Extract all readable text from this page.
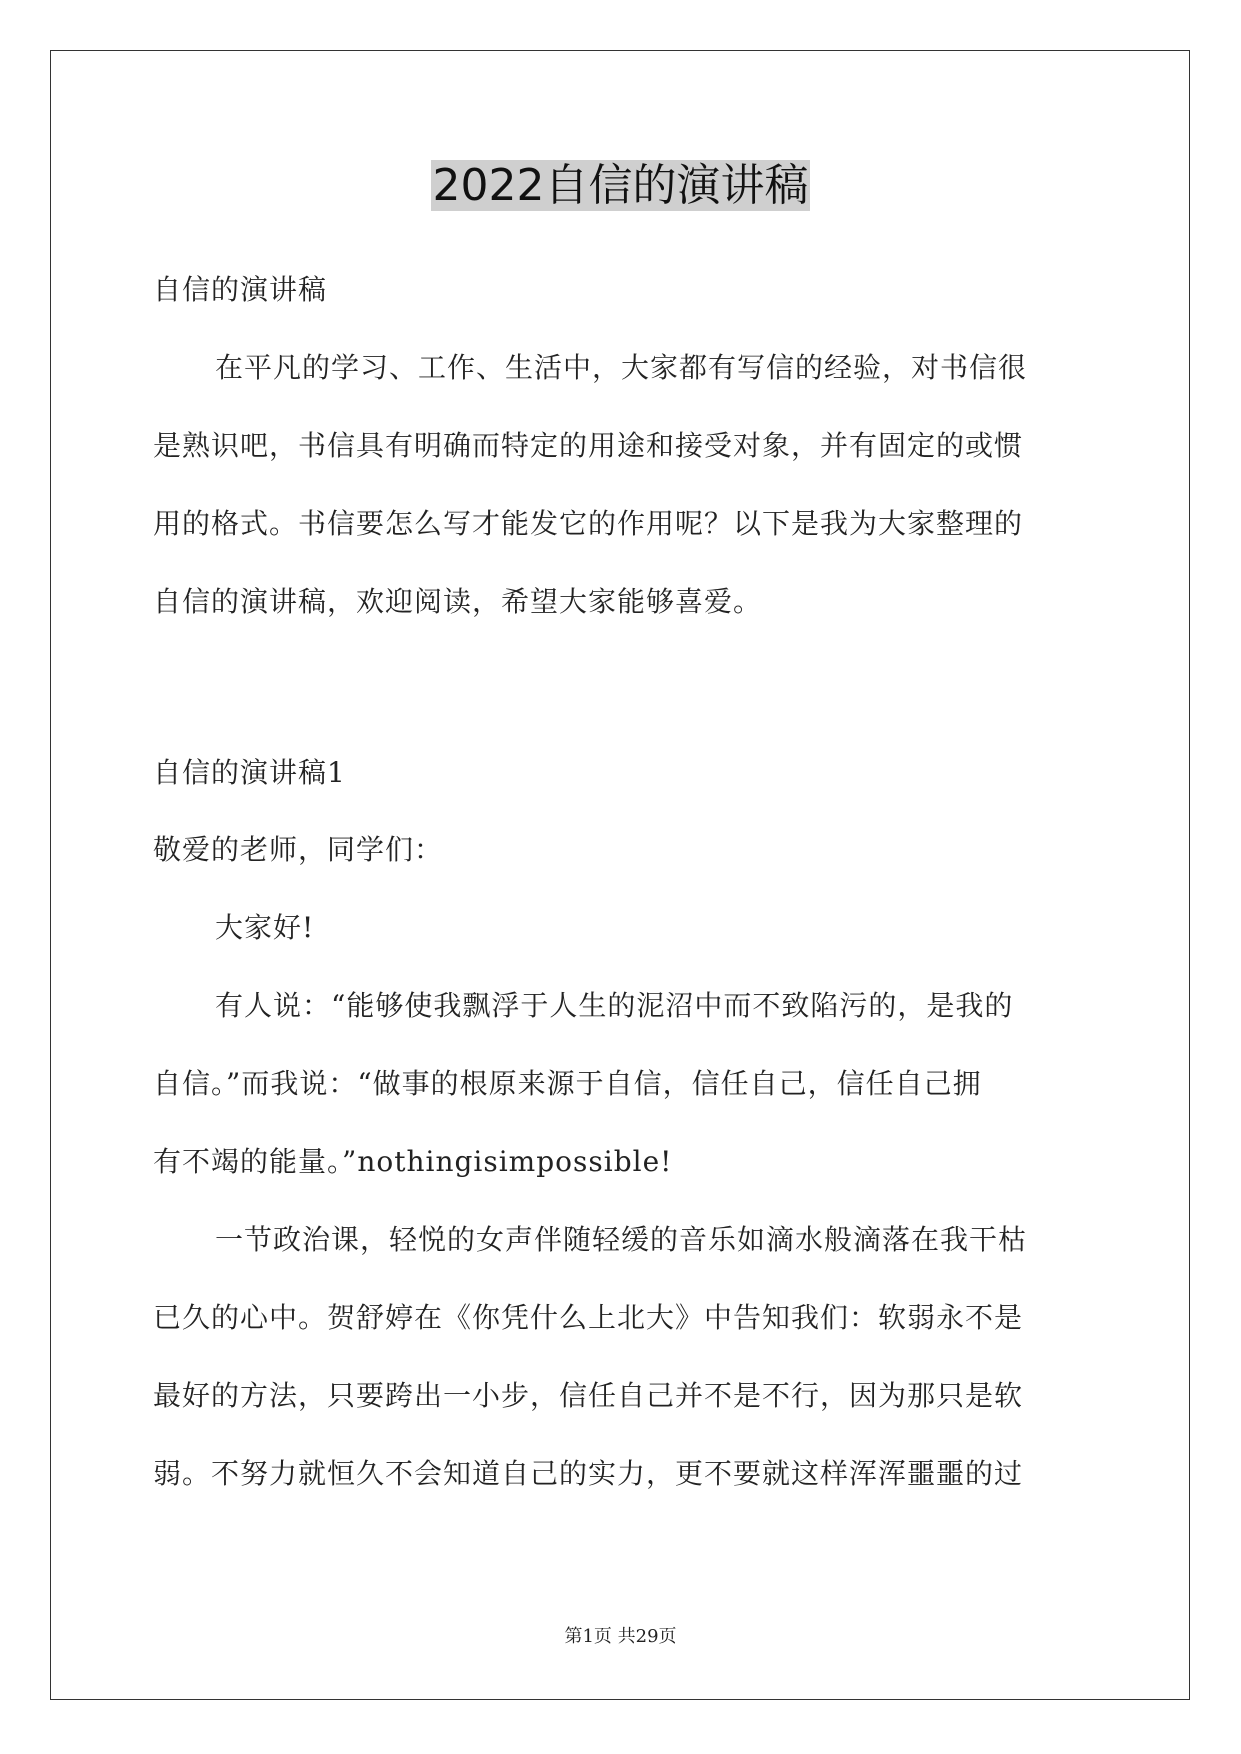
2022自信的演讲稿
自信的演讲稿
在平凡的学习、工作、生活中，大家都有写信的经验，对书信很
是熟识吧，书信具有明确而特定的用途和接受对象，并有固定的或惯
用的格式。书信要怎么写才能发它的作用呢？以下是我为大家整理的
自信的演讲稿，欢迎阅读，希望大家能够喜爱。
自信的演讲稿1
敬爱的老师，同学们：
大家好!
有人说：“能够使我飘浮于人生的泥沼中而不致陷污的，是我的
自信。”而我说：“做事的根原来源于自信，信任自己，信任自己拥
有不竭的能量。”nothingisimpossible!
一节政治课，轻悦的女声伴随轻缓的音乐如滴水般滴落在我干枯
已久的心中。贺舒婷在《你凭什么上北大》中告知我们：软弱永不是
最好的方法，只要跨出一小步，信任自己并不是不行，因为那只是软
弱。不努力就恒久不会知道自己的实力，更不要就这样浑浑噩噩的过
第1页 共29页
